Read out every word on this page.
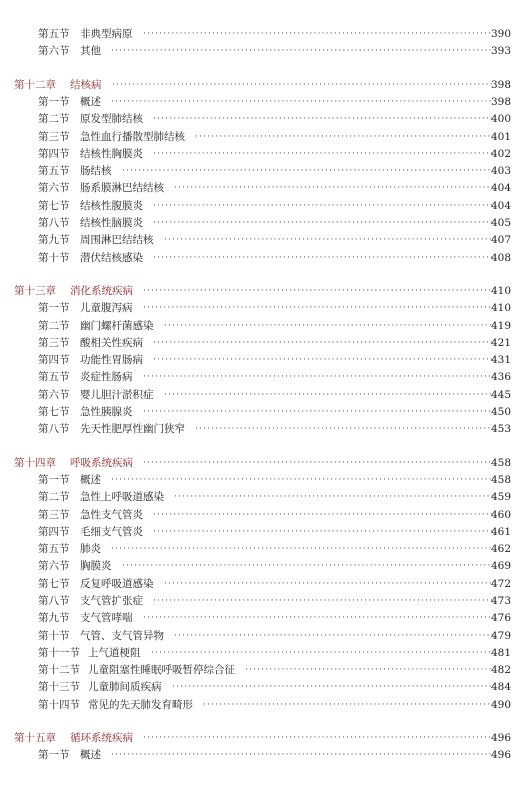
第五节 非典型病原	390
·····
第六节 其他	393
·····
第十二章 结核病	398
·····
第一节 概述	398
·····
第二节 原发型肺结核	400
·····
第三节 急性血行播散型肺结核	401
·····
第四节 结核性胸膜炎	402
·····
第五节 肠结核	403
·····
第六节 肠系膜淋巴结结核	404
·····
第七节 结核性腹膜炎	404
·····
第八节 结核性脑膜炎	405
·····
第九节 周围淋巴结结核	407
·····
第十节 潜伏结核感染	408
·····
第十三章 消化系统疾病	410
·····
第一节 儿童腹泻病	410
·····
第二节 幽门螺杆菌感染	419
·····
第三节 酸相关性疾病	421
·····
第四节 功能性胃肠病	431
·····
第五节 炎症性肠病	436
·····
第六节 婴儿胆汁淤积症	445
·····
第七节 急性胰腺炎	450
·····
第八节 先天性肥厚性幽门狭窄	453
·····
第十四章 呼吸系统疾病	458
·····
第一节 概述	458
·····
第二节 急性上呼吸道感染	459
·····
第三节 急性支气管炎	460
·····
第四节 毛细支气管炎	461
·····
第五节 肺炎	462
·····
第六节 胸膜炎	469
·····
第七节 反复呼吸道感染	472
·····
第八节 支气管扩张症	473
·····
第九节 支气管哮喘	476
·····
第十节 气管、支气管异物	479
·····
第十一节 上气道梗阻	481
·····
第十二节 儿童阻塞性睡眠呼吸暂停综合征	482
·····
第十三节 儿童肺间质疾病	484
·····
第十四节 常见的先天肺发育畸形	490
·····
第十五章 循环系统疾病	496
·····
第一节 概述	496
·····
